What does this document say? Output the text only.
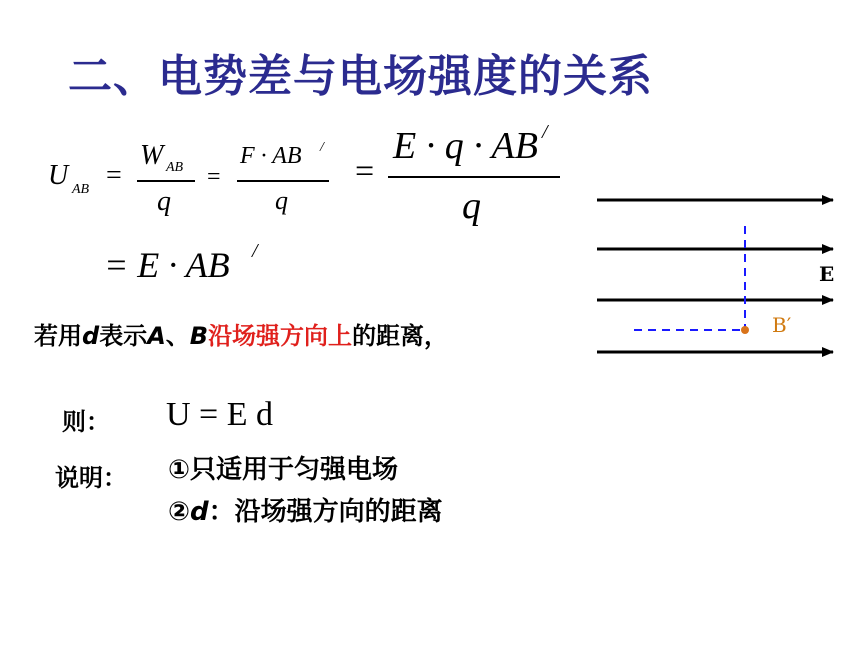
二、电势差与电场强度的关系
U AB =
W AB
q
=
F · AB /
q
=
E · q · AB /
q
= E · AB /
若用d表示A、B沿场强方向上的距离，
则： U = E d
说明： ①只适用于匀强电场
②d：沿场强方向的距离
B′
E
